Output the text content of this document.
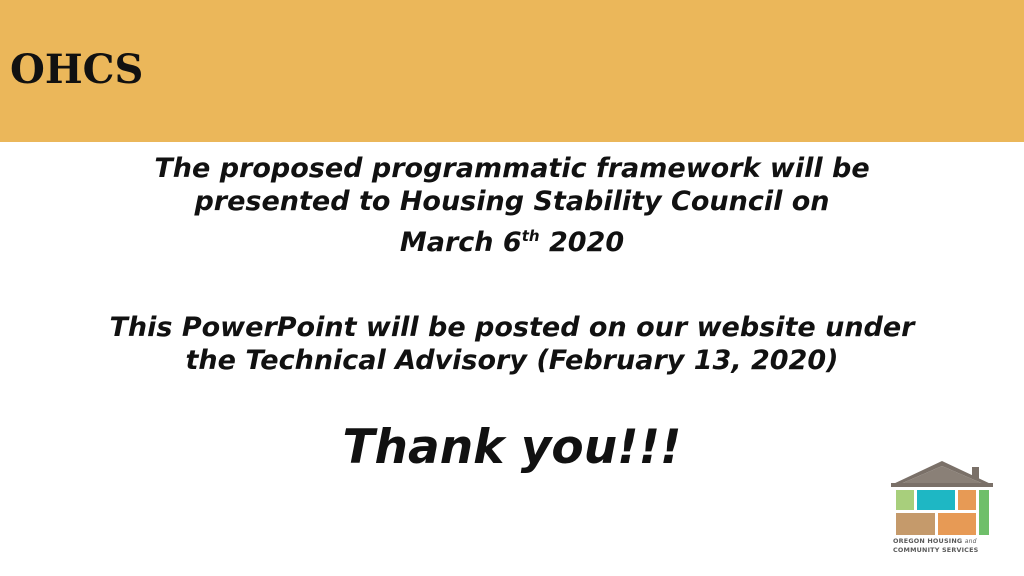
OHCS
The proposed programmatic framework will be
presented to Housing Stability Council on
March 6th 2020
This PowerPoint will be posted on our website under
the Technical Advisory (February 13, 2020)
Thank you!!!
OREGON HOUSING and
COMMUNITY SERVICES
